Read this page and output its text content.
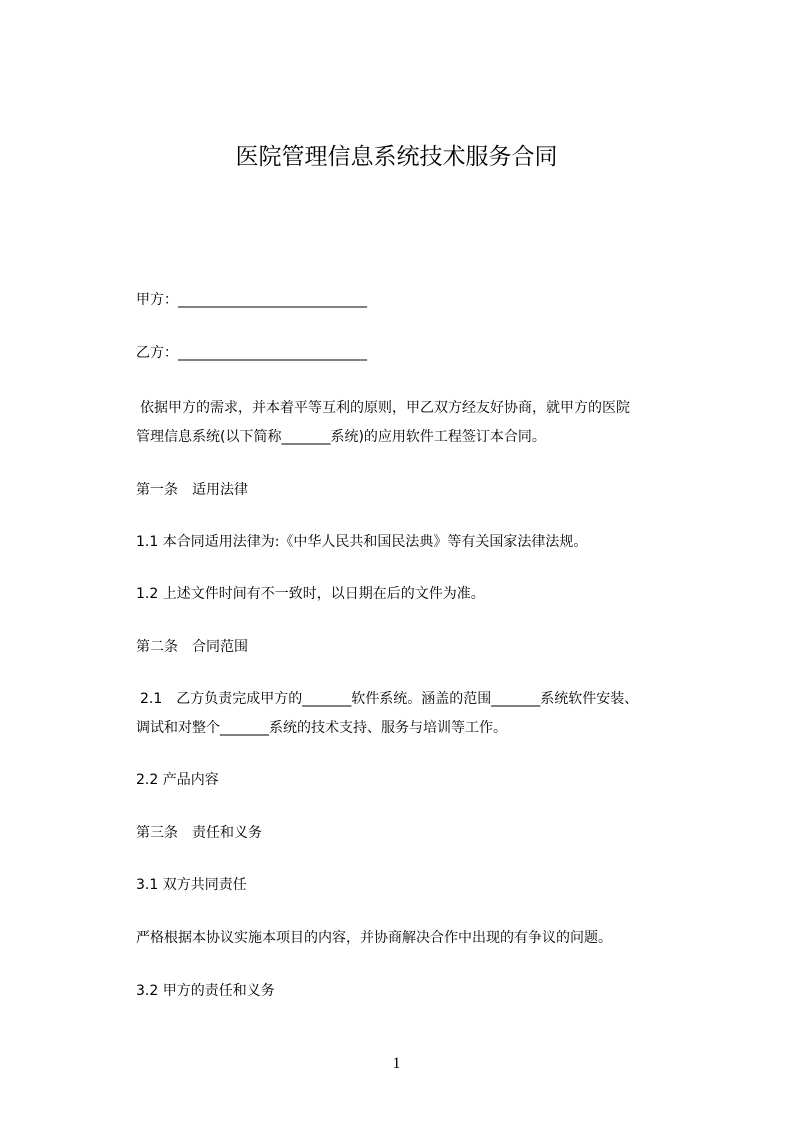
医院管理信息系统技术服务合同
甲方：___________________________
乙方：___________________________
依据甲方的需求，并本着平等互利的原则，甲乙双方经友好协商，就甲方的医院
管理信息系统(以下简称_______系统)的应用软件工程签订本合同。
第一条　适用法律
1.1 本合同适用法律为:《中华人民共和国民法典》等有关国家法律法规。
1.2 上述文件时间有不一致时，以日期在后的文件为准。
第二条　合同范围
2.1　乙方负责完成甲方的_______软件系统。涵盖的范围_______系统软件安装、
调试和对整个_______系统的技术支持、服务与培训等工作。
2.2 产品内容
第三条　责任和义务
3.1 双方共同责任
严格根据本协议实施本项目的内容，并协商解决合作中出现的有争议的问题。
3.2 甲方的责任和义务
1
